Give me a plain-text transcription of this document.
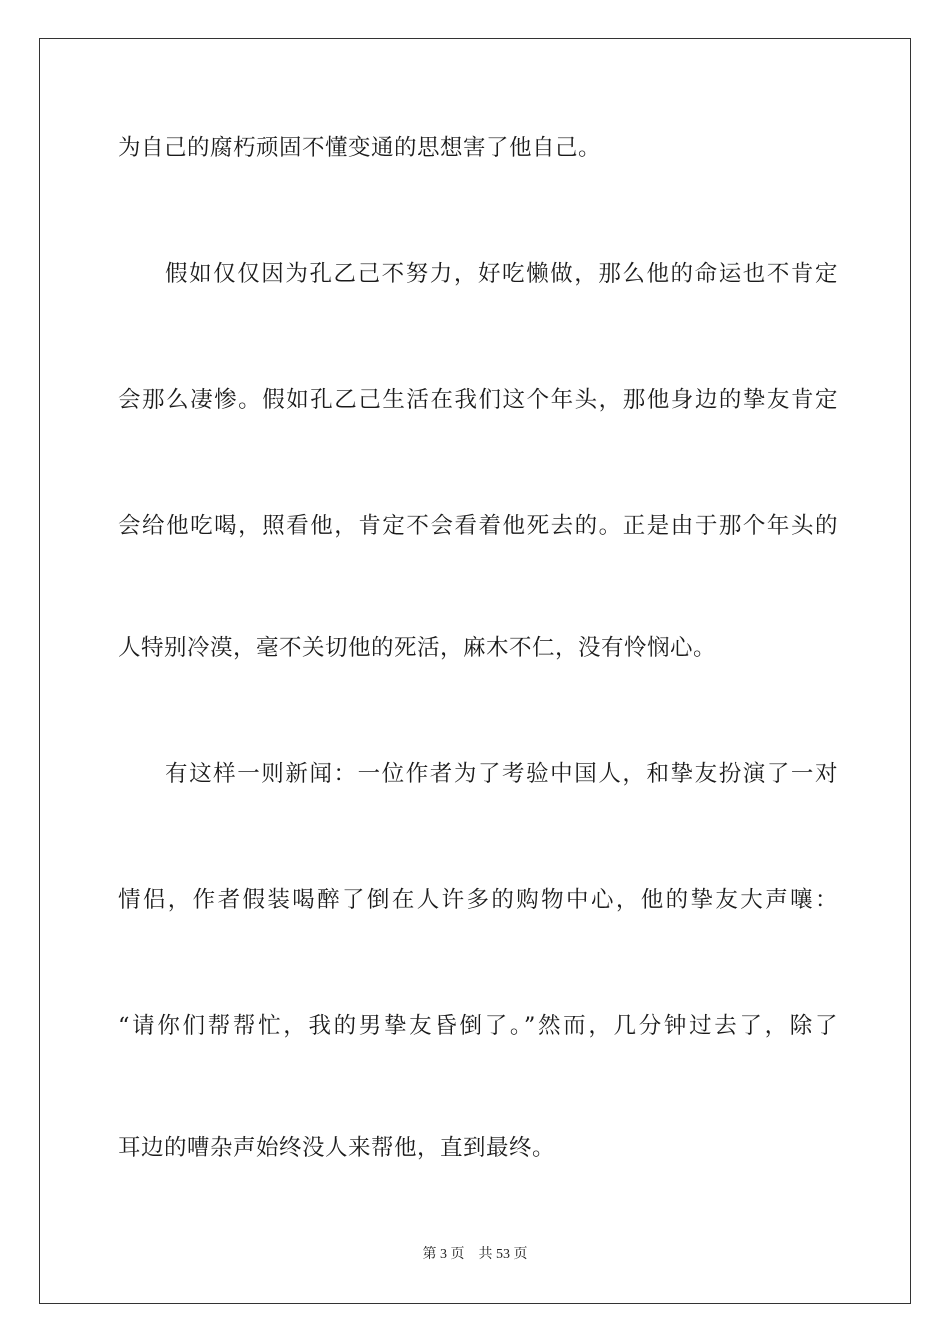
为自己的腐朽顽固不懂变通的思想害了他自己。
假如仅仅因为孔乙己不努力，好吃懒做，那么他的命运也不肯定
会那么凄惨。假如孔乙己生活在我们这个年头，那他身边的挚友肯定
会给他吃喝，照看他，肯定不会看着他死去的。正是由于那个年头的
人特别冷漠，毫不关切他的死活，麻木不仁，没有怜悯心。
有这样一则新闻：一位作者为了考验中国人，和挚友扮演了一对
情侣，作者假装喝醉了倒在人许多的购物中心，他的挚友大声嚷：
“请你们帮帮忙，我的男挚友昏倒了。”然而，几分钟过去了，除了
耳边的嘈杂声始终没人来帮他，直到最终。
第 3 页 共 53 页
